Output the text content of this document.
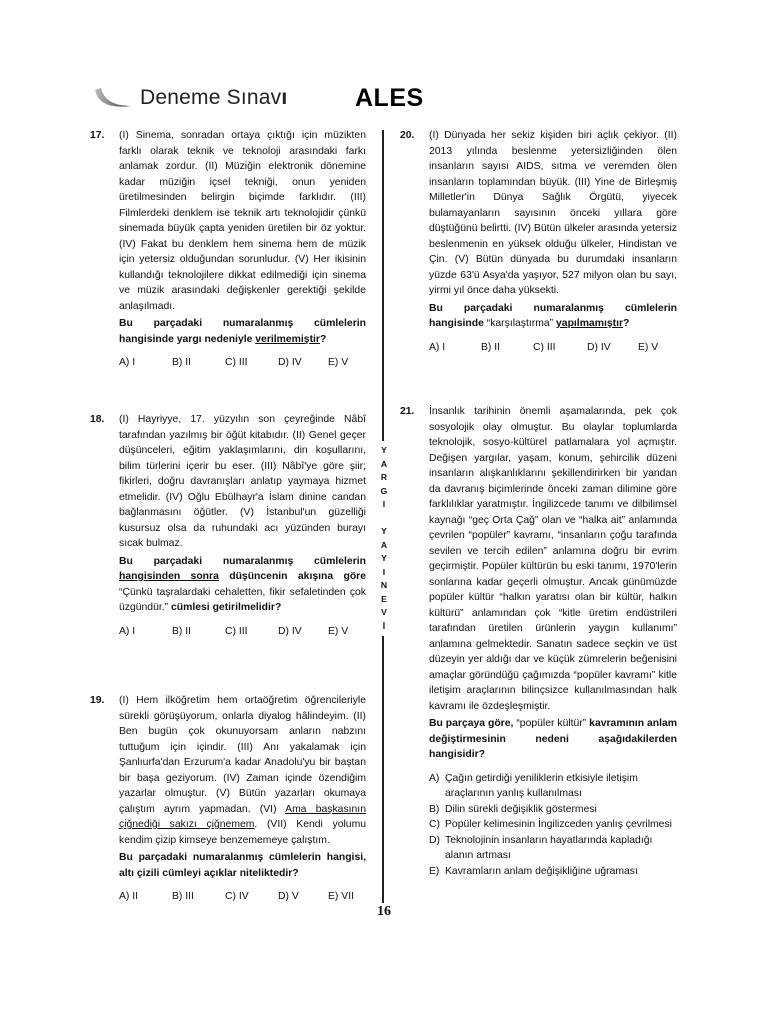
Deneme Sınavı	ALES
Y
A
R
G
I

Y
A
Y
I
N
E
V
İ
17.	(I) Sinema, sonradan ortaya çıktığı için müzikten farklı olarak teknik ve teknoloji arasındaki farkı anlamak zordur. (II) Müziğin elektronik dönemine kadar müziğin içsel tekniği, onun yeniden üretilmesinden belirgin biçimde farklıdır. (III) Filmlerdeki denklem ise teknik artı teknolojidir çünkü sinemada büyük çapta yeniden üretilen bir öz yoktur. (IV) Fakat bu denklem hem sinema hem de müzik için yetersiz olduğundan sorunludur. (V) Her ikisinin kullandığı teknolojilere dikkat edilmediği için sinema ve müzik arasındaki değişkenler gerektiği şekilde anlaşılmadı.

Bu parçadaki numaralanmış cümlelerin hangisinde yargı nedeniyle verilmemiştir?

A) I	B) II	C) III	D) IV	E) V
18.	(I) Hayriyye, 17. yüzyılın son çeyreğinde Nâbî tarafından yazılmış bir öğüt kitabıdır. (II) Genel geçer düşünceleri, eğitim yaklaşımlarını, din koşullarını, bilim türlerini içerir bu eser. (III) Nâbî'ye göre şiir; fikirleri, doğru davranışları anlatıp yaymaya hizmet etmelidir. (IV) Oğlu Ebülhayr'a İslam dinine candan bağlanmasını öğütler. (V) İstanbul'un güzelliği kusursuz olsa da ruhundaki acı yüzünden burayı sıcak bulmaz.

Bu parçadaki numaralanmış cümlelerin hangisinden sonra düşüncenin akışına göre “Çünkü taşralardaki cehaletten, fikir sefaletinden çok üzgündür.” cümlesi getirilmelidir?

A) I	B) II	C) III	D) IV	E) V
19.	(I) Hem ilköğretim hem ortaöğretim öğrencileriyle sürekli görüşüyorum, onlarla diyalog hâlindeyim. (II) Ben bugün çok okunuyorsam anların nabzını tuttuğum için içindir. (III) Anı yakalamak için Şanlıurfa'dan Erzurum'a kadar Anadolu'yu bir baştan bir başa geziyorum. (IV) Zaman içinde özendiğim yazarlar olmuştur. (V) Bütün yazarları okumaya çalıştım ayrım yapmadan. (VI) Ama başkasının çiğnediği sakızı çiğnemem. (VII) Kendi yolumu kendim çizip kimseye benzememeye çalıştım.

Bu parçadaki numaralanmış cümlelerin hangisi, altı çizili cümleyi açıklar niteliktedir?

A) II	B) III	C) IV	D) V	E) VII
20.	(I) Dünyada her sekiz kişiden biri açlık çekiyor. (II) 2013 yılında beslenme yetersizliğinden ölen insanların sayısı AIDS, sıtma ve veremden ölen insanların toplamından büyük. (III) Yine de Birleşmiş Milletler'in Dünya Sağlık Örgütü, yiyecek bulamayanların sayısının önceki yıllara göre düştüğünü belirtti. (IV) Bütün ülkeler arasında yetersiz beslenmenin en yüksek olduğu ülkeler, Hindistan ve Çin. (V) Bütün dünyada bu durumdaki insanların yüzde 63'ü Asya'da yaşıyor, 527 milyon olan bu sayı, yirmi yıl önce daha yüksekti.

Bu parçadaki numaralanmış cümlelerin hangisinde “karşılaştırma” yapılmamıştır?

A) I	B) II	C) III	D) IV	E) V
21.	İnsanlık tarihinin önemli aşamalarında, pek çok sosyolojik olay olmuştur. Bu olaylar toplumlarda teknolojik, sosyo-kültürel patlamalara yol açmıştır. Değişen yargılar, yaşam, konum, şehircilik düzeni insanların alışkanlıklarını şekillendirirken bir yandan da davranış biçimlerinde önceki zaman dilimine göre farklılıklar yaratmıştır. İngilizcede tanımı ve dilbilimsel kaynağı “geç Orta Çağ” olan ve “halka ait” anlamında çevrilen “popüler” kavramı, “insanların çoğu tarafında sevilen ve tercih edilen” anlamına doğru bir evrim geçirmiştir. Popüler kültürün bu eski tanımı, 1970'lerin sonlarına kadar geçerli olmuştur. Ancak günümüzde popüler kültür “halkın yaratısı olan bir kültür, halkın kültürü” anlamından çok “kitle üretim endüstrileri tarafından üretilen ürünlerin yaygın kullanımı” anlamına gelmektedir. Sanatın sadece seçkin ve üst düzeyin yer aldığı dar ve küçük zümrelerin beğenisini amaçlar göründüğü çağımızda “popüler kavramı” kitle iletişim araçlarının bilinçsizce kullanılmasından halk kavramı ile özdeşleşmiştir.

Bu parçaya göre, “popüler kültür” kavramının anlam değiştirmesinin nedeni aşağıdakilerden hangisidir?

A) Çağın getirdiği yeniliklerin etkisiyle iletişim araçlarının yanlış kullanılması
B) Dilin sürekli değişiklik göstermesi
C) Popüler kelimesinin İngilizceden yanlış çevrilmesi
D) Teknolojinin insanların hayatlarında kapladığı alanın artması
E) Kavramların anlam değişikliğine uğraması
16
